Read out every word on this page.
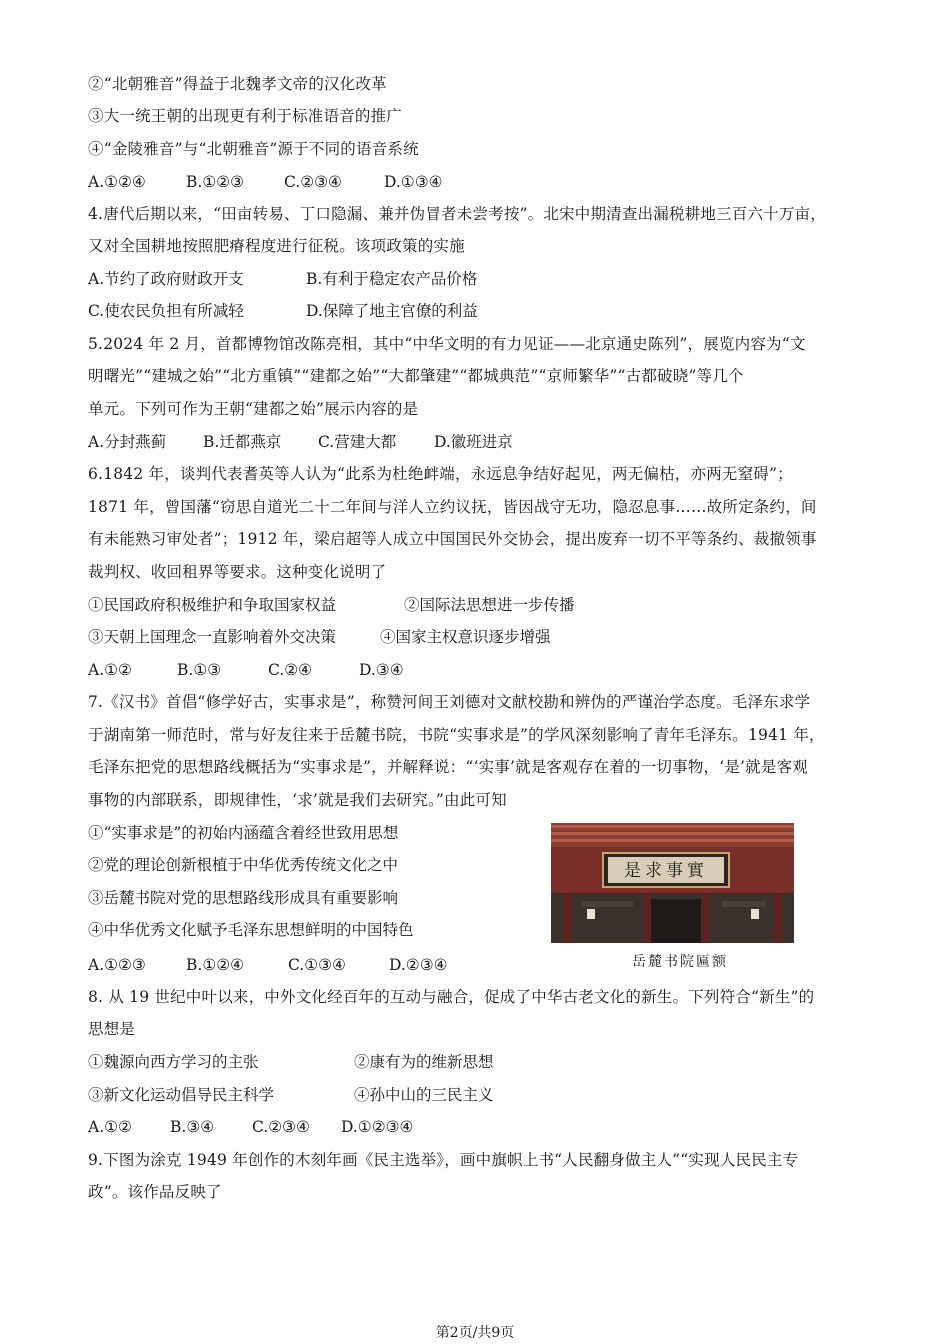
②“北朝雅音”得益于北魏孝文帝的汉化改革
③大一统王朝的出现更有利于标准语音的推广
④“金陵雅音”与“北朝雅音”源于不同的语音系统
A.①②④	B.①②③	C.②③④	D.①③④
4.唐代后期以来，“田亩转易、丁口隐漏、兼并伪冒者未尝考按”。北宋中期清查出漏税耕地三百六十万亩，
又对全国耕地按照肥瘠程度进行征税。该项政策的实施
A.节约了政府财政开支	B.有利于稳定农产品价格
C.使农民负担有所减轻	D.保障了地主官僚的利益
5.2024 年 2 月，首都博物馆改陈亮相，其中“中华文明的有力见证——北京通史陈列”，展览内容为“文
明曙光”“建城之始”“北方重镇”“建都之始”“大都肇建”“都城典范”“京师繁华”“古都破晓”等几个
单元。下列可作为王朝“建都之始”展示内容的是
A.分封燕蓟 B.迁都燕京 C.营建大都 D.徽班进京
6.1842 年，谈判代表耆英等人认为“此系为杜绝衅端，永远息争结好起见，两无偏枯，亦两无窒碍”；
1871 年，曾国藩“窃思自道光二十二年间与洋人立约议抚，皆因战守无功，隐忍息事……故所定条约，间
有未能熟习审处者”；1912 年，梁启超等人成立中国国民外交协会，提出废弃一切不平等条约、裁撤领事
裁判权、收回租界等要求。这种变化说明了
①民国政府积极维护和争取国家权益	②国际法思想进一步传播
③天朝上国理念一直影响着外交决策	④国家主权意识逐步增强
A.①②	B.①③	C.②④	D.③④
7.《汉书》首倡“修学好古，实事求是”，称赞河间王刘德对文献校勘和辨伪的严谨治学态度。毛泽东求学
于湖南第一师范时，常与好友往来于岳麓书院，书院“实事求是”的学风深刻影响了青年毛泽东。1941 年，
毛泽东把党的思想路线概括为“实事求是”，并解释说：“‘实事’就是客观存在着的一切事物，‘是’就是客观
事物的内部联系，即规律性，‘求’就是我们去研究。”由此可知
①“实事求是”的初始内涵蕴含着经世致用思想
②党的理论创新根植于中华优秀传统文化之中
③岳麓书院对党的思想路线形成具有重要影响
④中华优秀文化赋予毛泽东思想鲜明的中国特色
A.①②③	B.①②④	C.①③④	D.②③④
是求事實
岳麓书院匾额
8. 从 19 世纪中叶以来，中外文化经百年的互动与融合，促成了中华古老文化的新生。下列符合“新生”的
思想是
①魏源向西方学习的主张	②康有为的维新思想
③新文化运动倡导民主科学	④孙中山的三民主义
A.①② B.③④ C.②③④ D.①②③④
9.下图为涂克 1949 年创作的木刻年画《民主选举》，画中旗帜上书“人民翻身做主人”“实现人民民主专
政”。该作品反映了
第2页/共9页
